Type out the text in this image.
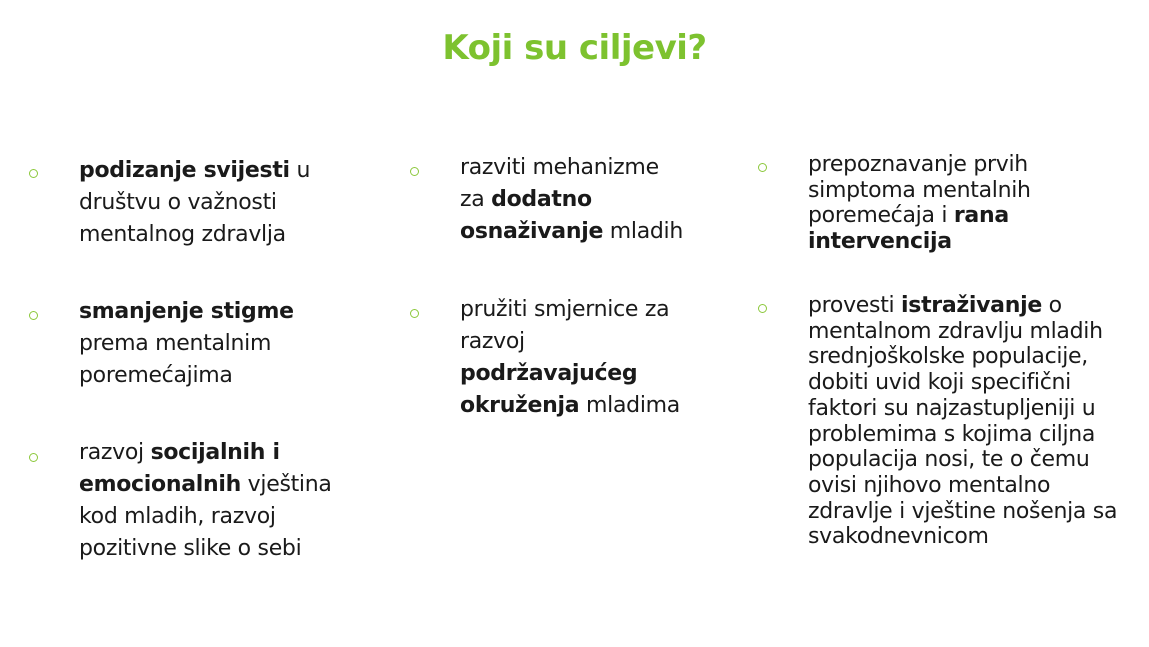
Koji su ciljevi?
podizanje svijesti u
društvu o važnosti
mentalnog zdravlja
smanjenje stigme
prema mentalnim
poremećajima
razvoj socijalnih i
emocionalnih vještina
kod mladih, razvoj
pozitivne slike o sebi
razviti mehanizme
za dodatno
osnaživanje mladih
pružiti smjernice za
razvoj
podržavajućeg
okruženja mladima
prepoznavanje prvih
simptoma mentalnih
poremećaja i rana
intervencija
provesti istraživanje o
mentalnom zdravlju mladih
srednjoškolske populacije,
dobiti uvid koji specifični
faktori su najzastupljeniji u
problemima s kojima ciljna
populacija nosi, te o čemu
ovisi njihovo mentalno
zdravlje i vještine nošenja sa
svakodnevnicom
